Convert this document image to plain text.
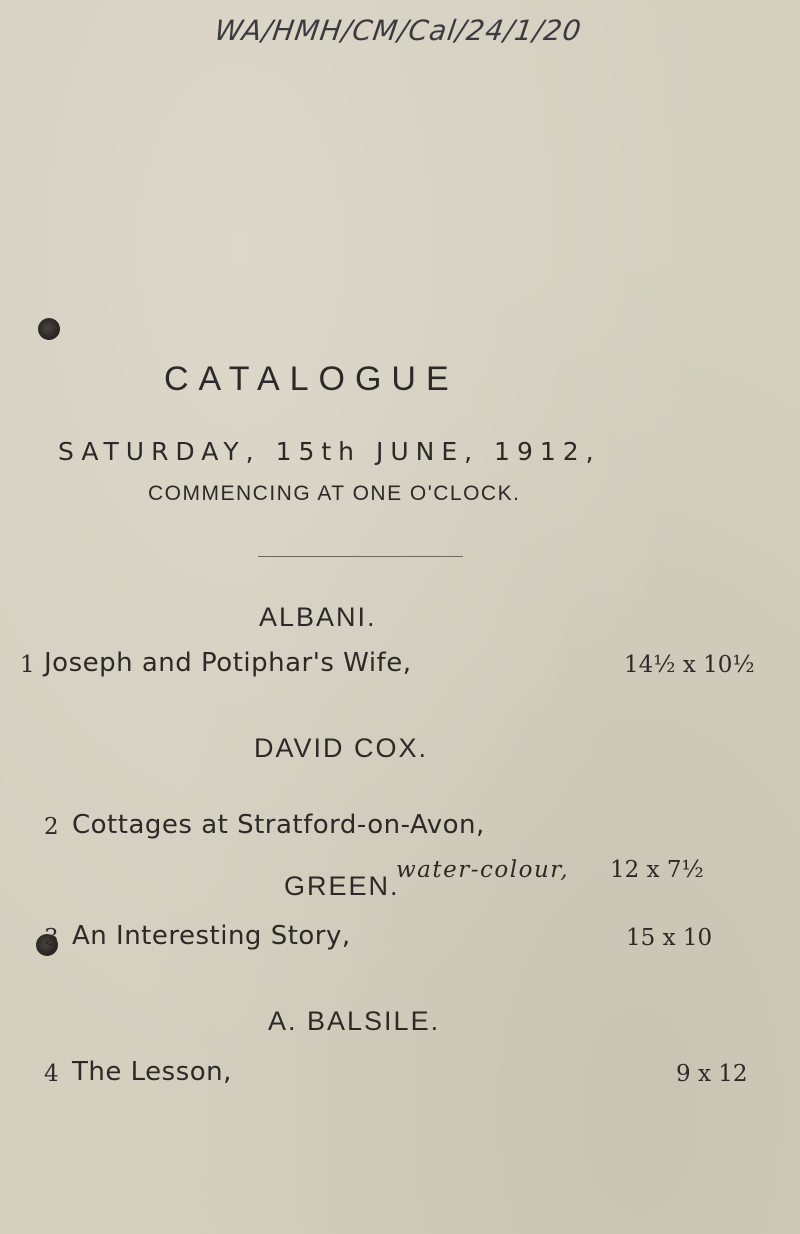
WA/HMH/CM/Cal/24/1/20
CATALOGUE
SATURDAY, 15th JUNE, 1912,
COMMENCING AT ONE O'CLOCK.
ALBANI.
1 Joseph and Potiphar's Wife,	14½ x 10½
DAVID COX.
2 Cottages at Stratford-on-Avon,
water-colour, 12 x 7½
GREEN.
3 An Interesting Story,	15 x 10
A. BALSILE.
4 The Lesson,	9 x 12
